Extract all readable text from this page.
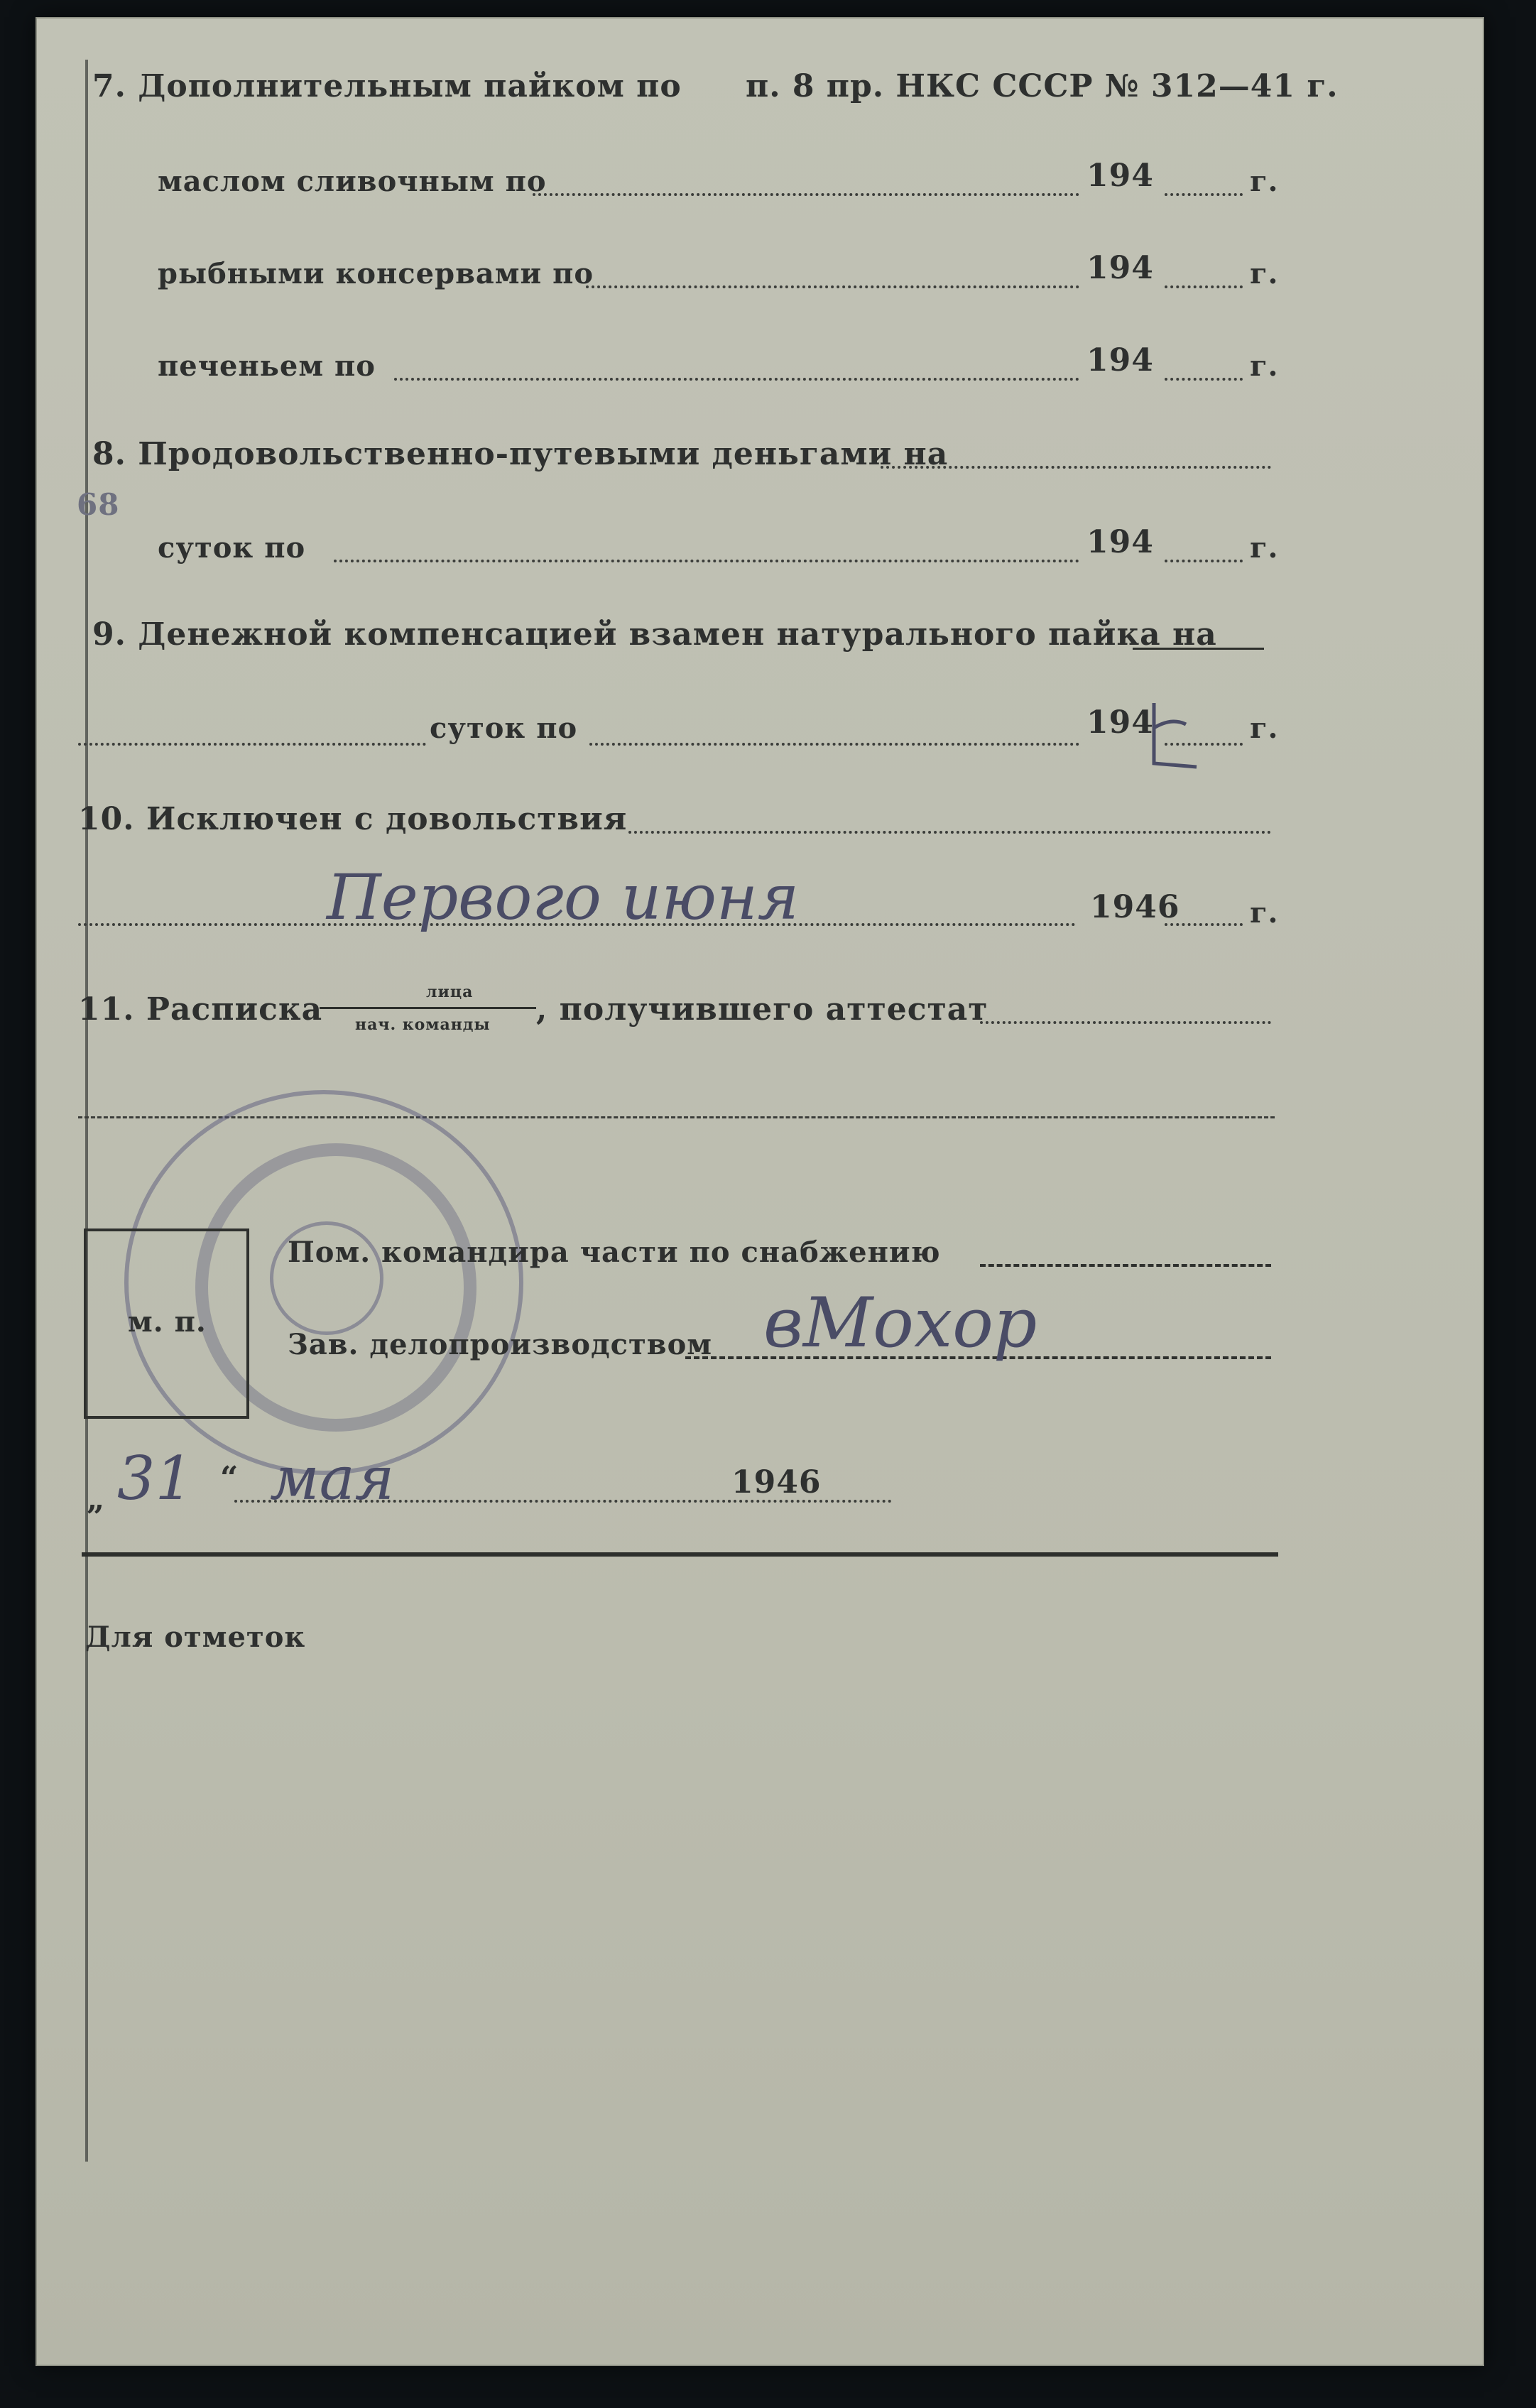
7. Дополнительным пайком по п. 8 пр. НКС СССР № 312—41 г.
маслом сливочным по	194	г.
рыбными консервами по	194	г.
печеньем по	194	г.
8. Продовольственно-путевыми деньгами на
суток по	194	г.
68
9. Денежной компенсацией взамен натурального пайка на
суток по	194	г.
10. Исключен с довольствия
Первого июня	1946 г.
11. Расписка	лица
нач. команды , получившего аттестат
м. п.
Пом. командира части по снабжению
Зав. делопроизводством вМохор
„ 31 “ мая	1946
Для отметок
